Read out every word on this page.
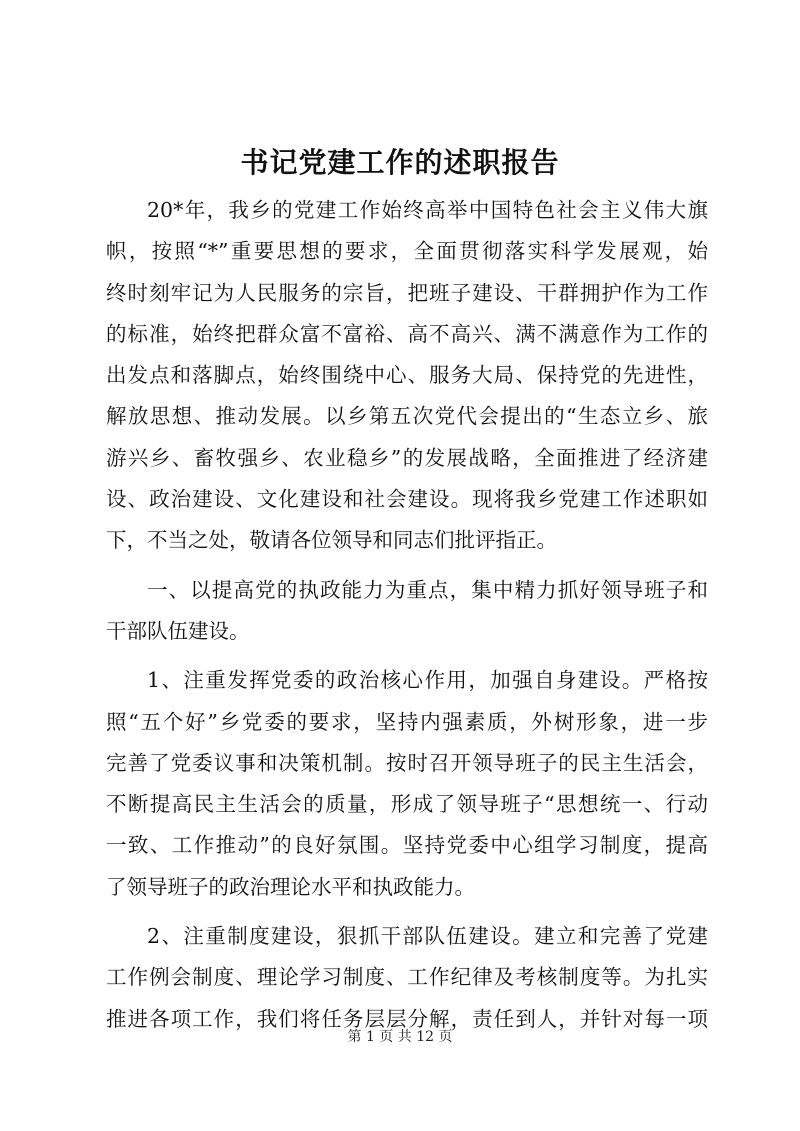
书记党建工作的述职报告
20*年，我乡的党建工作始终高举中国特色社会主义伟大旗
帜，按照“*”重要思想的要求，全面贯彻落实科学发展观，始
终时刻牢记为人民服务的宗旨，把班子建设、干群拥护作为工作
的标准，始终把群众富不富裕、高不高兴、满不满意作为工作的
出发点和落脚点，始终围绕中心、服务大局、保持党的先进性，
解放思想、推动发展。以乡第五次党代会提出的“生态立乡、旅
游兴乡、畜牧强乡、农业稳乡”的发展战略，全面推进了经济建
设、政治建设、文化建设和社会建设。现将我乡党建工作述职如
下，不当之处，敬请各位领导和同志们批评指正。
一、以提高党的执政能力为重点，集中精力抓好领导班子和
干部队伍建设。
1、注重发挥党委的政治核心作用，加强自身建设。严格按
照“五个好”乡党委的要求，坚持内强素质，外树形象，进一步
完善了党委议事和决策机制。按时召开领导班子的民主生活会，
不断提高民主生活会的质量，形成了领导班子“思想统一、行动
一致、工作推动”的良好氛围。坚持党委中心组学习制度，提高
了领导班子的政治理论水平和执政能力。
2、注重制度建设，狠抓干部队伍建设。建立和完善了党建
工作例会制度、理论学习制度、工作纪律及考核制度等。为扎实
推进各项工作，我们将任务层层分解，责任到人，并针对每一项
第 1 页 共 12 页
